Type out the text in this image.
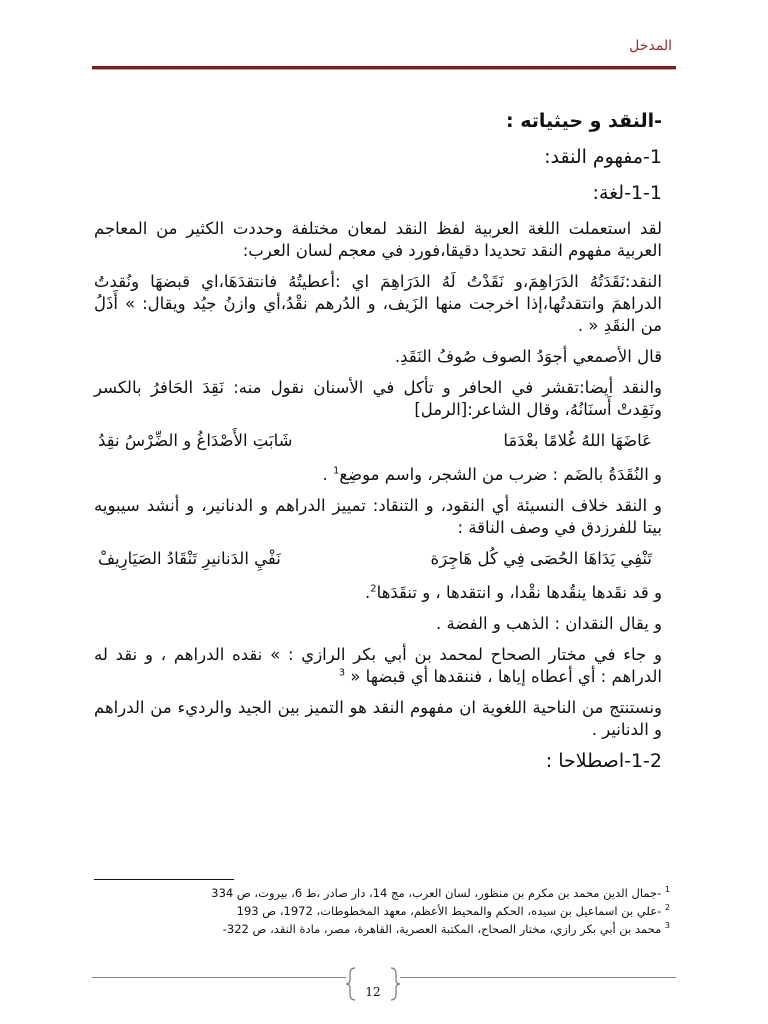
المدخل
-النقد و حيثياته :
1-مفهوم النقد:
1-1-لغة:

لقد استعملت اللغة العربية لفظ النقد لمعان مختلفة وحددت الكثير من المعاجم العربية مفهوم النقد تحديدا دقيقا،فورد في معجم لسان العرب:

النقد:نَقَدَتُهُ الدَرَاهِمَ،و نَقَدْتُ لَهُ الدَرَاهِمَ اي :أعطيتُهُ فانتقدَهَا،اي قبضهَا ونُقدتُ الدراهمَ وانتقدتُها،إذا اخرجت منها الزَيف، و الدُرهم نقْدُ،أي وازنُ جيُد ويقال: » أَذَلُ من النقَدِ « .

قال الأصمعي أجوَدُ الصوف صُوفُ النَقَدِ.

والنقد أيضا:تقشر في الحافر و تأكل في الأسنان نقول منه: نَقِدَ الحَافرُ بالكسر ونَقِدتْ أَسنَانُهُ، وقال الشاعر:[الرمل]

عَاضَهَا اللهُ غُلامًا بعْدَمَا
شَابَتِ الأَصْدَاغُ و الضِّرْسُ نقِدُ

و النُقَدَةُ بالضَم : ضرب من الشجر، واسم موضِع$^1$ .

و النقد خلاف النسيئة أي النقود، و التنقاد: تمييز الدراهم و الدنانير، و أنشد سيبويه بيتا للفرزدق في وصف الناقة :

تَنْفِي يَدَاهَا الحُصَى فِي كُل هَاجِرَة
نَفْيِ الدَنانيرِ تَنْقَادُ الصَيَارِيفْ

و قد نقَدها ينقُدها نقْدا، و انتقدها ، و تنقَدَها$^2$.

و يقال النقدان : الذهب و الفضة .

و جاء في مختار الصحاح لمحمد بن أبي بكر الرازي : » نقده الدراهم ، و نقد له الدراهم : أي أعطاه إياها ، فننقدها أي قبضها « $^3$

ونستنتج من الناحية اللغوية ان مفهوم النقد هو التميز بين الجيد والرديء من الدراهم و الدنانير .

1-2-اصطلاحا :
$^1$ -جمال الدين محمد بن مكرم بن منظور، لسان العرب، مج 14، دار صادر ،ط 6، بيروت، ص 334
$^2$ -علي بن اسماعيل بن سيده، الحكم والمحيط الأعظم، معهد المخطوطات، 1972، ص 193
$^3$ محمد بن أبي بكر رازي، مختار الصحاح، المكتبة العصرية، القاهرة، مصر، مادة النقد، ص 322-
12
